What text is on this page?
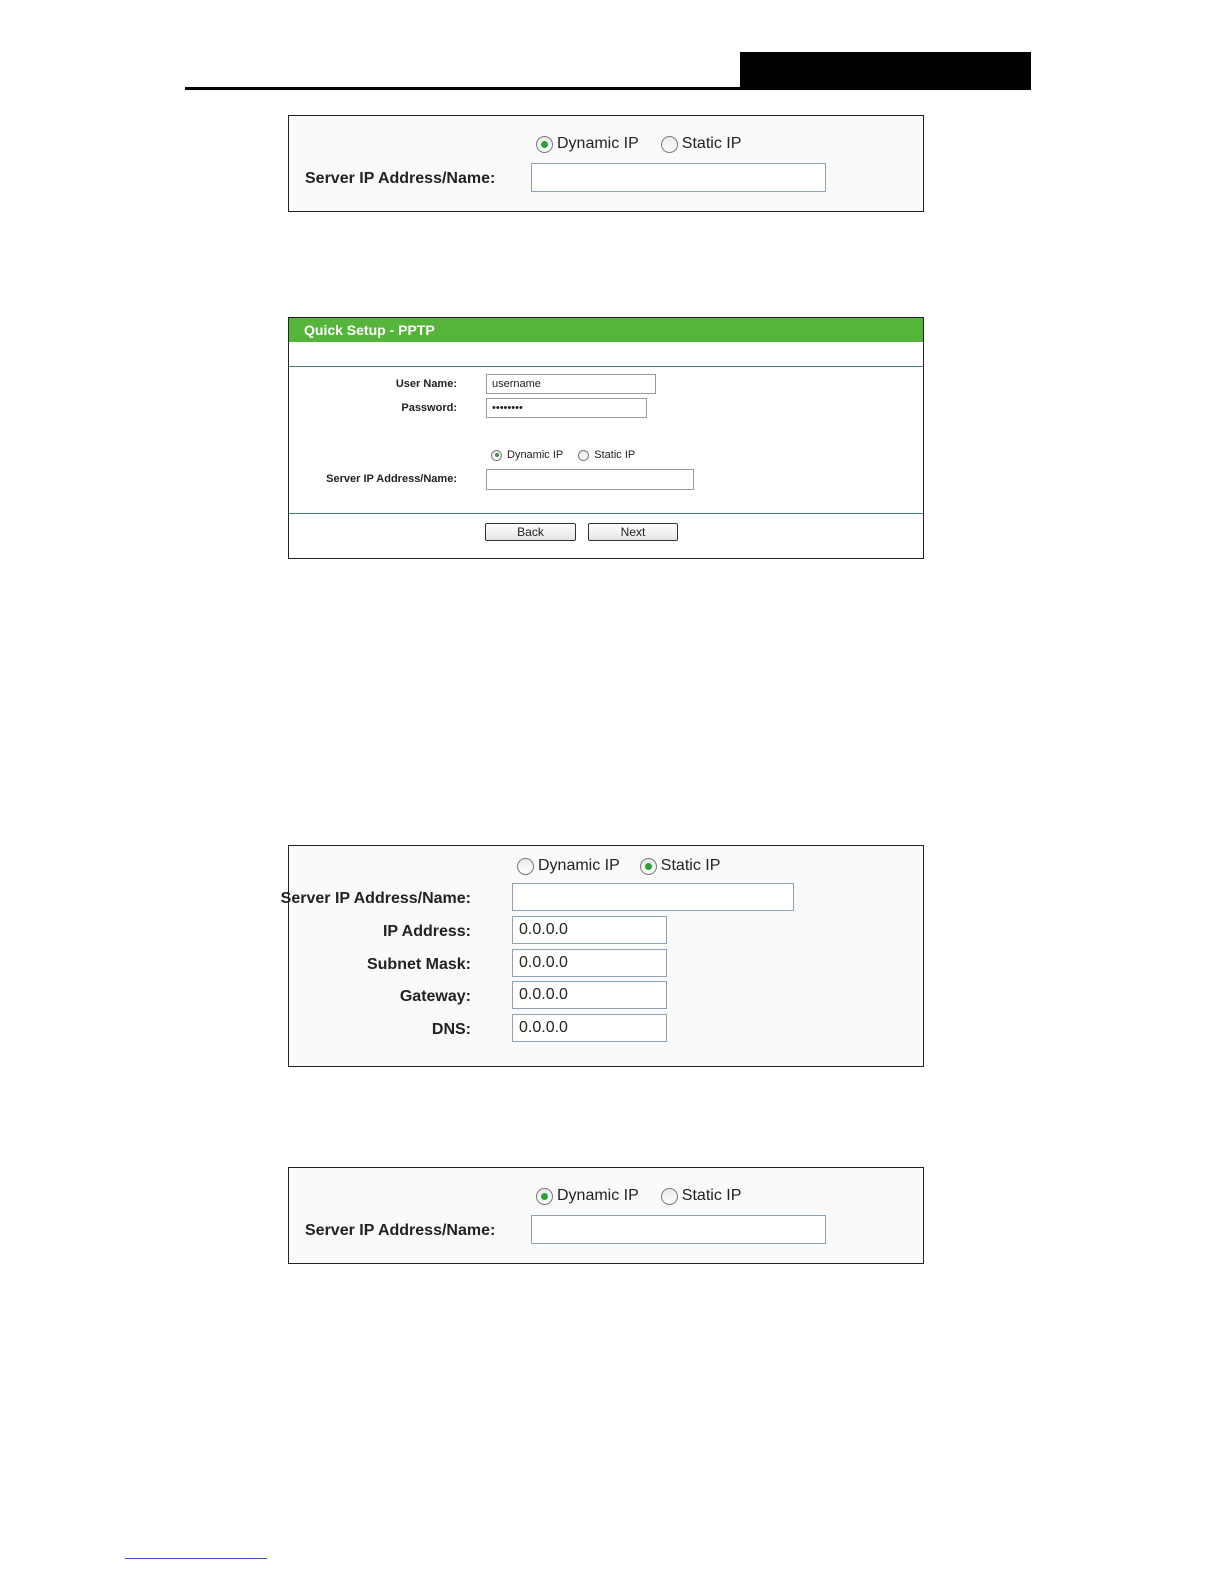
Dynamic IP	Static IP
Server IP Address/Name:
Quick Setup - PPTP
User Name:
username
Password:
••••••••
Dynamic IP	Static IP
Server IP Address/Name:
Back	Next
Dynamic IP	Static IP
Server IP Address/Name:
IP Address:
0.0.0.0
Subnet Mask:
0.0.0.0
Gateway:
0.0.0.0
DNS:
0.0.0.0
Dynamic IP	Static IP
Server IP Address/Name:
